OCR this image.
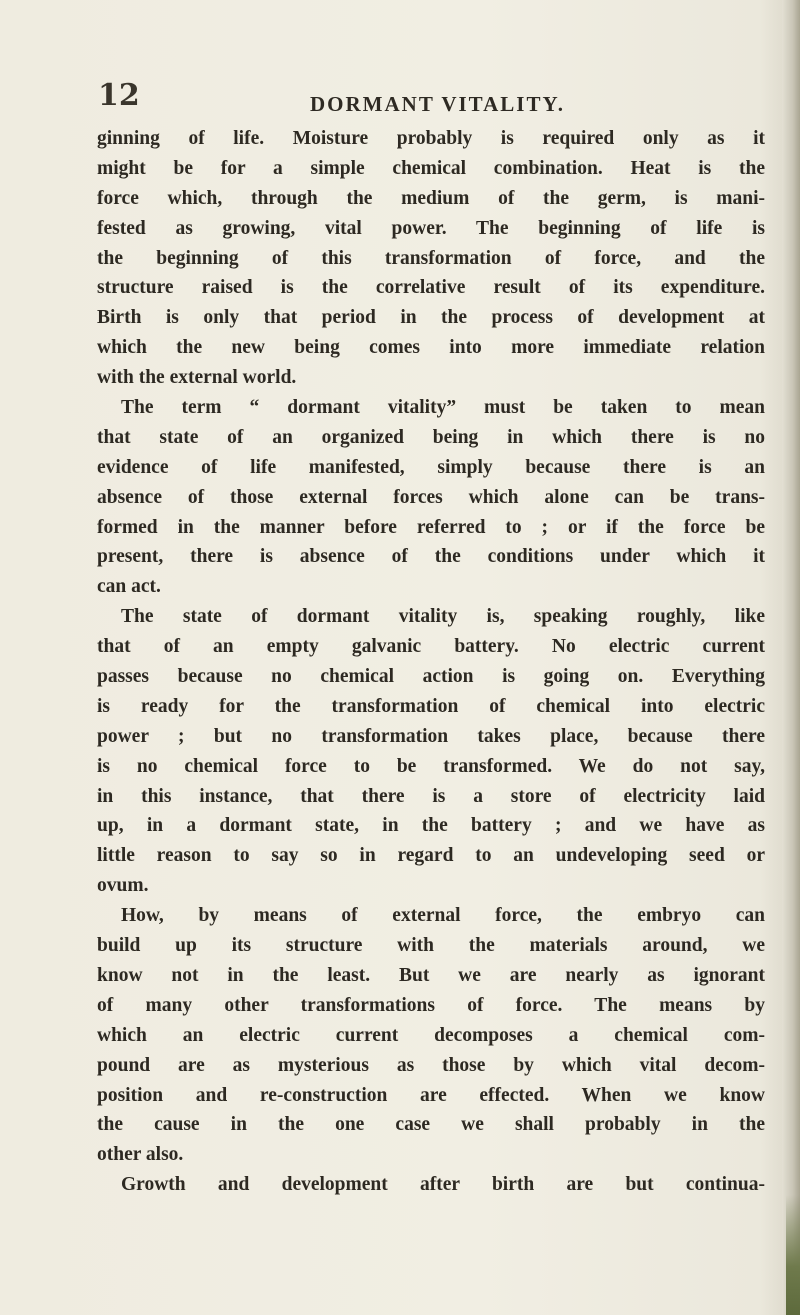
12	DORMANT VITALITY.
ginning of life. Moisture probably is required only as it
might be for a simple chemical combination. Heat is the
force which, through the medium of the germ, is mani-
fested as growing, vital power. The beginning of life is
the beginning of this transformation of force, and the
structure raised is the correlative result of its expenditure.
Birth is only that period in the process of development at
which the new being comes into more immediate relation
with the external world.
The term “ dormant vitality” must be taken to mean
that state of an organized being in which there is no
evidence of life manifested, simply because there is an
absence of those external forces which alone can be trans-
formed in the manner before referred to ; or if the force be
present, there is absence of the conditions under which it
can act.
The state of dormant vitality is, speaking roughly, like
that of an empty galvanic battery. No electric current
passes because no chemical action is going on. Everything
is ready for the transformation of chemical into electric
power ; but no transformation takes place, because there
is no chemical force to be transformed. We do not say,
in this instance, that there is a store of electricity laid
up, in a dormant state, in the battery ; and we have as
little reason to say so in regard to an undeveloping seed or
ovum.
How, by means of external force, the embryo can
build up its structure with the materials around, we
know not in the least. But we are nearly as ignorant
of many other transformations of force. The means by
which an electric current decomposes a chemical com-
pound are as mysterious as those by which vital decom-
position and re-construction are effected. When we know
the cause in the one case we shall probably in the
other also.
Growth and development after birth are but continua-
